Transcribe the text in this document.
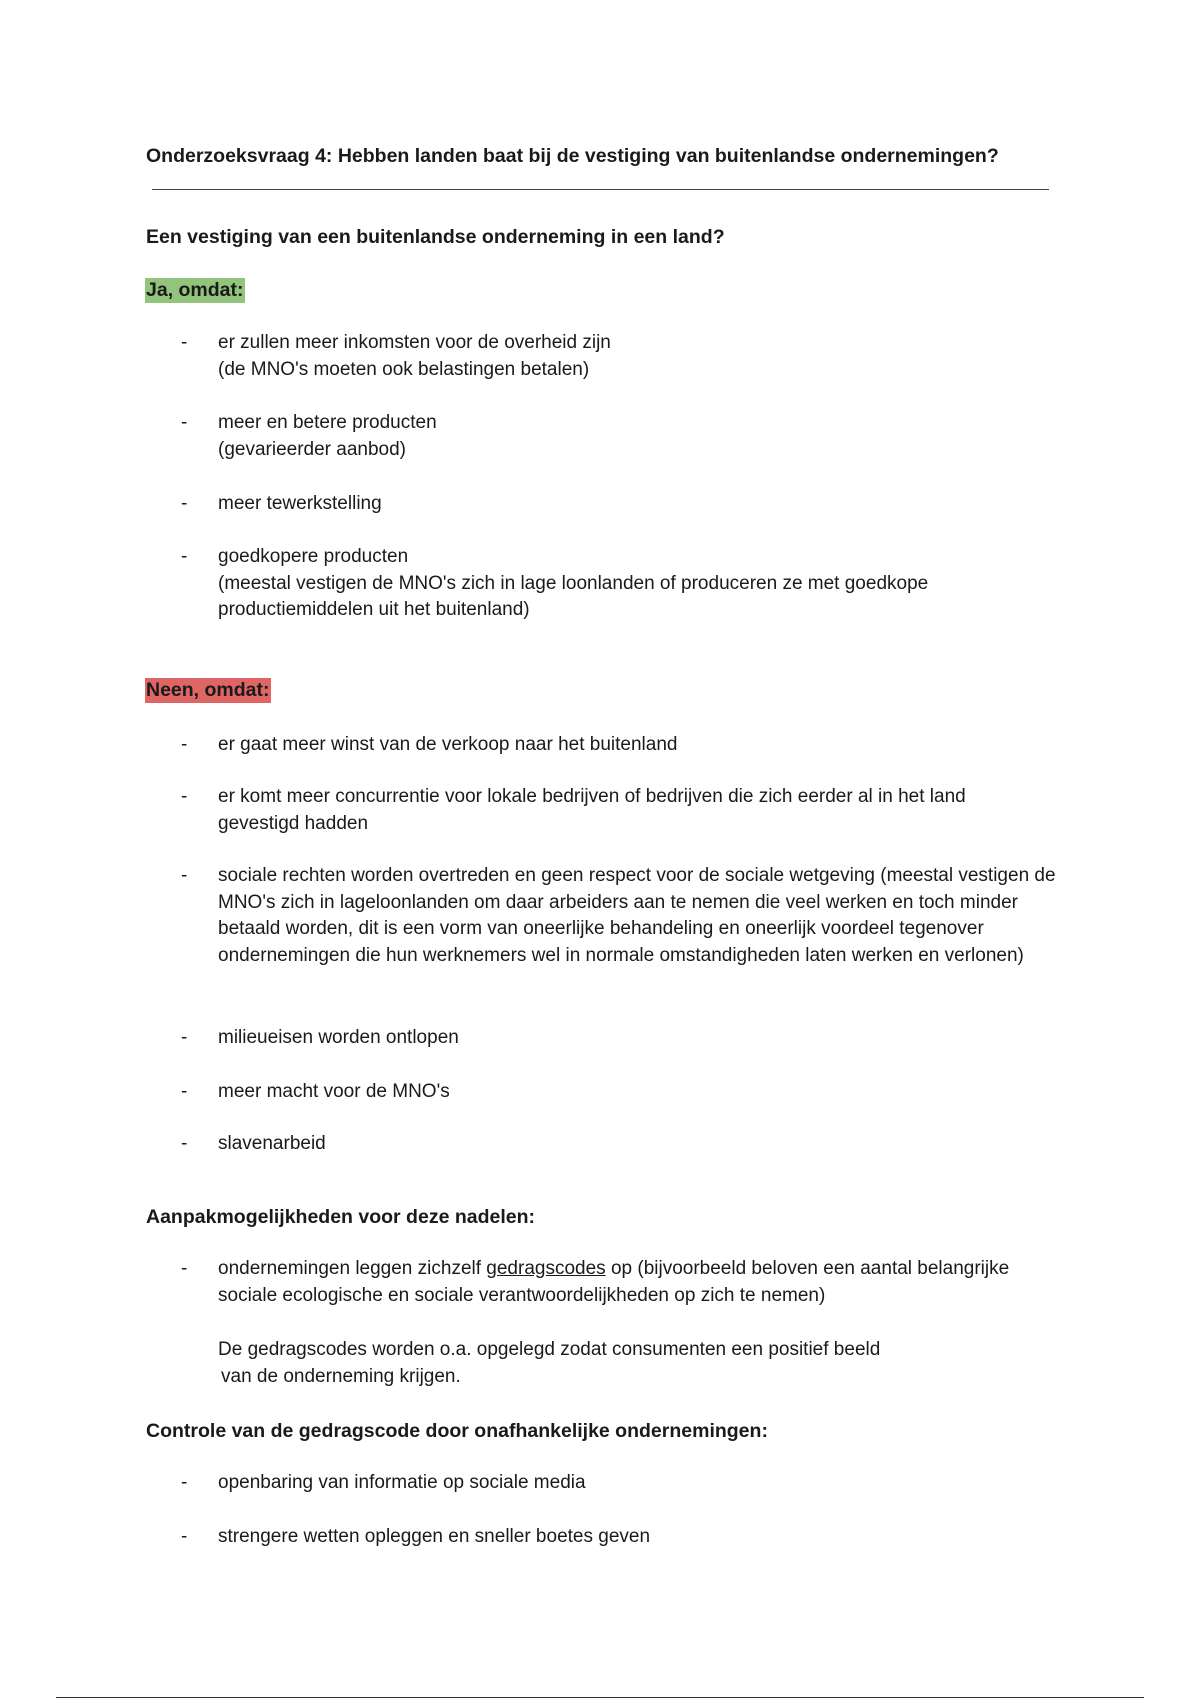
Onderzoeksvraag 4: Hebben landen baat bij de vestiging van buitenlandse ondernemingen?
Een vestiging van een buitenlandse onderneming in een land?
Ja, omdat:
- er zullen meer inkomsten voor de overheid zijn
(de MNO's moeten ook belastingen betalen)
- meer en betere producten
(gevarieerder aanbod)
- meer tewerkstelling
- goedkopere producten
(meestal vestigen de MNO's zich in lage loonlanden of produceren ze met goedkope
productiemiddelen uit het buitenland)
Neen, omdat:
- er gaat meer winst van de verkoop naar het buitenland
- er komt meer concurrentie voor lokale bedrijven of bedrijven die zich eerder al in het land gevestigd hadden
- sociale rechten worden overtreden en geen respect voor de sociale wetgeving (meestal vestigen de MNO's zich in lageloonlanden om daar arbeiders aan te nemen die veel werken en toch minder betaald worden, dit is een vorm van oneerlijke behandeling en oneerlijk voordeel tegenover ondernemingen die hun werknemers wel in normale omstandigheden laten werken en verlonen)
- milieueisen worden ontlopen
- meer macht voor de MNO's
- slavenarbeid
Aanpakmogelijkheden voor deze nadelen:
- ondernemingen leggen zichzelf gedragscodes op (bijvoorbeeld beloven een aantal belangrijke sociale ecologische en sociale verantwoordelijkheden op zich te nemen)
De gedragscodes worden o.a. opgelegd zodat consumenten een positief beeld
van de onderneming krijgen.
Controle van de gedragscode door onafhankelijke ondernemingen:
- openbaring van informatie op sociale media
- strengere wetten opleggen en sneller boetes geven
